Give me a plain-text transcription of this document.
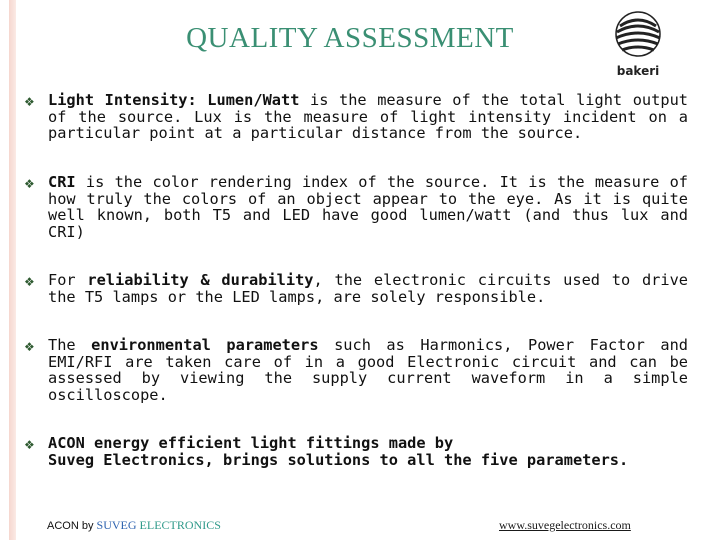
QUALITY ASSESSMENT
bakeri
❖ Light Intensity: Lumen/Watt is the measure of the total light output of the source. Lux is the measure of light intensity incident on a particular point at a particular distance from the source.
❖ CRI is the color rendering index of the source. It is the measure of how truly the colors of an object appear to the eye. As it is quite well known, both T5 and LED have good lumen/watt (and thus lux and CRI)
❖ For reliability & durability, the electronic circuits used to drive the T5 lamps or the LED lamps, are solely responsible.
❖ The environmental parameters such as Harmonics, Power Factor and EMI/RFI are taken care of in a good Electronic circuit and can be assessed by viewing the supply current waveform in a simple oscilloscope.
❖ ACON energy efficient light fittings made by
Suveg Electronics, brings solutions to all the five parameters.
ACON by SUVEG ELECTRONICS	www.suvegelectronics.com
